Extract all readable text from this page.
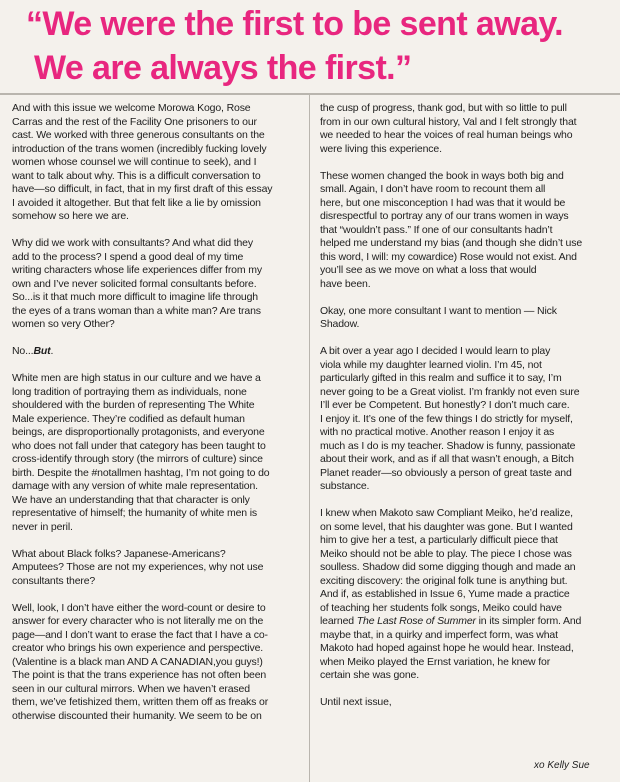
“We were the first to be sent away.
We are always the first.”

And with this issue we welcome Morowa Kogo, Rose
Carras and the rest of the Facility One prisoners to our
cast. We worked with three generous consultants on the
introduction of the trans women (incredibly fucking lovely
women whose counsel we will continue to seek), and I
want to talk about why. This is a difficult conversation to
have—so difficult, in fact, that in my first draft of this essay
I avoided it altogether. But that felt like a lie by omission
somehow so here we are.

Why did we work with consultants? And what did they
add to the process? I spend a good deal of my time
writing characters whose life experiences differ from my
own and I’ve never solicited formal consultants before.
So...is it that much more difficult to imagine life through
the eyes of a trans woman than a white man? Are trans
women so very Other?

No...But.

White men are high status in our culture and we have a
long tradition of portraying them as individuals, none
shouldered with the burden of representing The White
Male experience. They’re codified as default human
beings, are disproportionally protagonists, and everyone
who does not fall under that category has been taught to
cross-identify through story (the mirrors of culture) since
birth. Despite the #notallmen hashtag, I’m not going to do
damage with any version of white male representation.
We have an understanding that that character is only
representative of himself; the humanity of white men is
never in peril.

What about Black folks? Japanese-Americans?
Amputees? Those are not my experiences, why not use
consultants there?

Well, look, I don’t have either the word-count or desire to
answer for every character who is not literally me on the
page—and I don’t want to erase the fact that I have a co-
creator who brings his own experience and perspective.
(Valentine is a black man AND A CANADIAN,you guys!)
The point is that the trans experience has not often been
seen in our cultural mirrors. When we haven’t erased
them, we’ve fetishized them, written them off as freaks or
otherwise discounted their humanity. We seem to be on

the cusp of progress, thank god, but with so little to pull
from in our own cultural history, Val and I felt strongly that
we needed to hear the voices of real human beings who
were living this experience.

These women changed the book in ways both big and
small. Again, I don’t have room to recount them all
here, but one misconception I had was that it would be
disrespectful to portray any of our trans women in ways
that “wouldn’t pass.” If one of our consultants hadn’t
helped me understand my bias (and though she didn’t use
this word, I will: my cowardice) Rose would not exist. And
you’ll see as we move on what a loss that would
have been.

Okay, one more consultant I want to mention — Nick
Shadow.

A bit over a year ago I decided I would learn to play
viola while my daughter learned violin. I’m 45, not
particularly gifted in this realm and suffice it to say, I’m
never going to be a Great violist. I’m frankly not even sure
I’ll ever be Competent. But honestly? I don’t much care.
I enjoy it. It’s one of the few things I do strictly for myself,
with no practical motive. Another reason I enjoy it as
much as I do is my teacher. Shadow is funny, passionate
about their work, and as if all that wasn’t enough, a Bitch
Planet reader—so obviously a person of great taste and
substance.

I knew when Makoto saw Compliant Meiko, he’d realize,
on some level, that his daughter was gone. But I wanted
him to give her a test, a particularly difficult piece that
Meiko should not be able to play. The piece I chose was
soulless. Shadow did some digging though and made an
exciting discovery: the original folk tune is anything but.
And if, as established in Issue 6, Yume made a practice
of teaching her students folk songs, Meiko could have
learned The Last Rose of Summer in its simpler form. And
maybe that, in a quirky and imperfect form, was what
Makoto had hoped against hope he would hear. Instead,
when Meiko played the Ernst variation, he knew for
certain she was gone.

Until next issue,

xo Kelly Sue
